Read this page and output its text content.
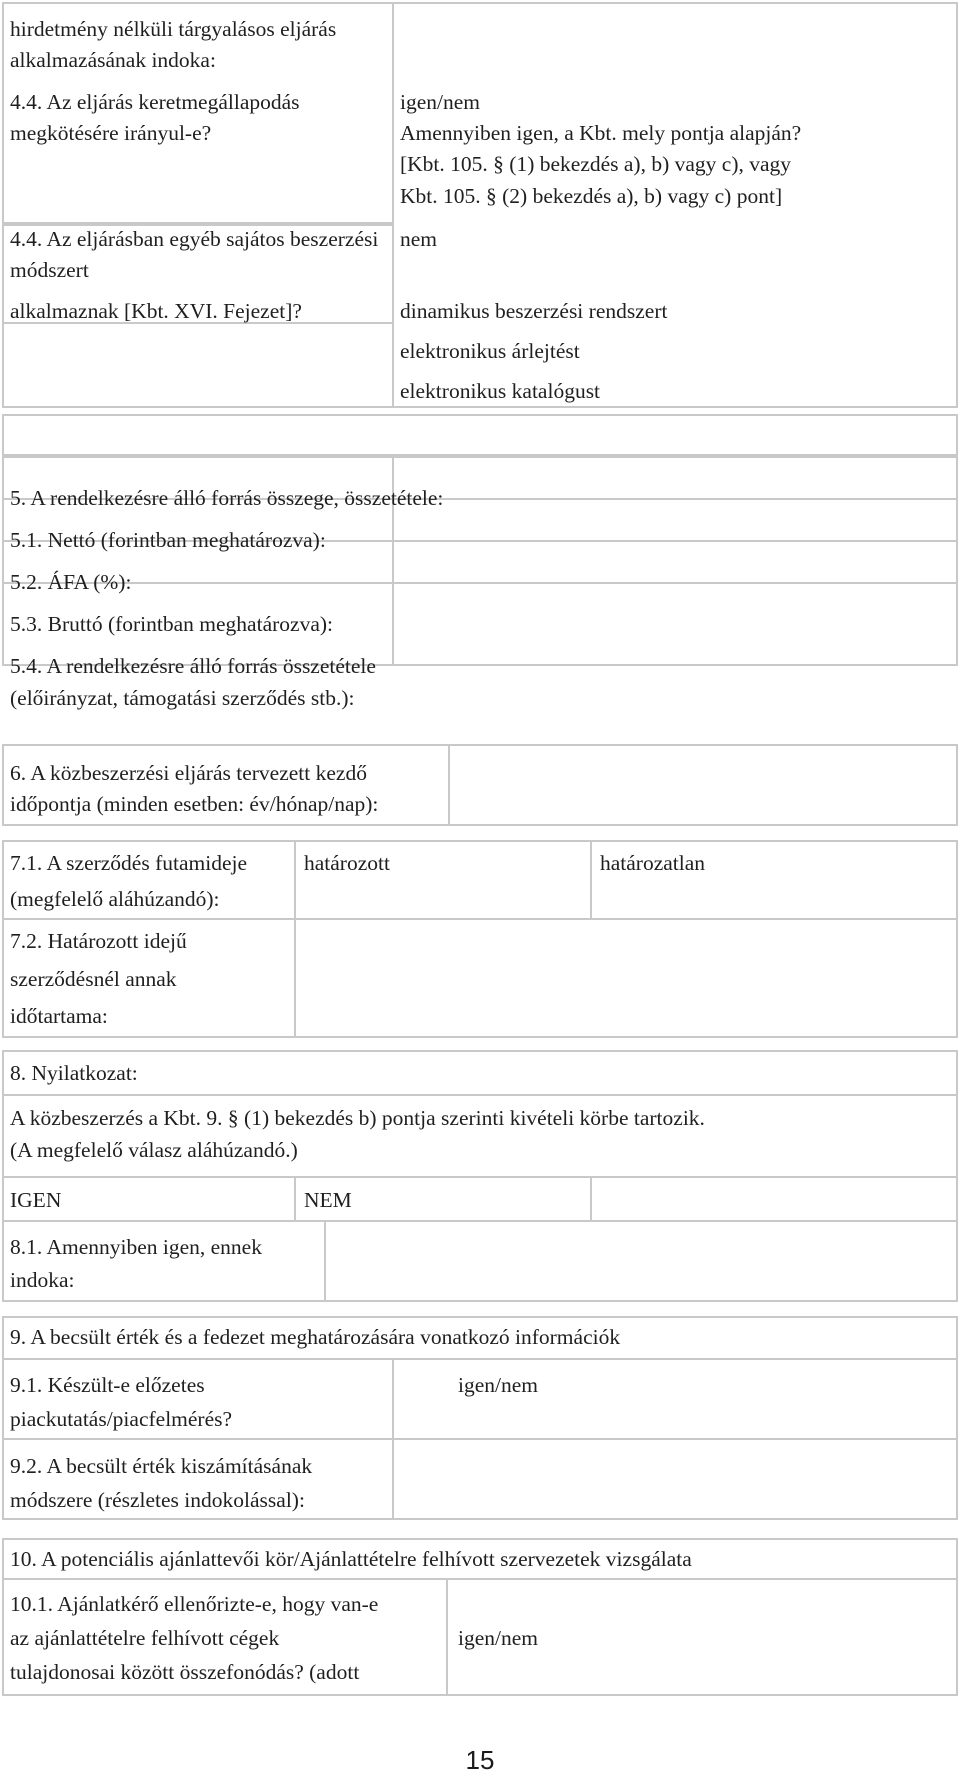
hirdetmény nélküli tárgyalásos eljárás
alkalmazásának indoka:
4.4. Az eljárás keretmegállapodás
megkötésére irányul-e?
igen/nem
Amennyiben igen, a Kbt. mely pontja alapján?
[Kbt. 105. § (1) bekezdés a), b) vagy c), vagy
Kbt. 105. § (2) bekezdés a), b) vagy c) pont]
4.4. Az eljárásban egyéb sajátos beszerzési
módszert
alkalmaznak [Kbt. XVI. Fejezet]?
nem
dinamikus beszerzési rendszert
elektronikus árlejtést
elektronikus katalógust
5. A rendelkezésre álló forrás összege, összetétele:
5.1. Nettó (forintban meghatározva):
5.2. ÁFA (%):
5.3. Bruttó (forintban meghatározva):
5.4. A rendelkezésre álló forrás összetétele
(előirányzat, támogatási szerződés stb.):
6. A közbeszerzési eljárás tervezett kezdő
időpontja (minden esetben: év/hónap/nap):
7.1. A szerződés futamideje
(megfelelő aláhúzandó):
határozott	határozatlan
7.2. Határozott idejű
szerződésnél annak
időtartama:
8. Nyilatkozat:
A közbeszerzés a Kbt. 9. § (1) bekezdés b) pontja szerinti kivételi körbe tartozik.
(A megfelelő válasz aláhúzandó.)
IGEN	NEM
8.1. Amennyiben igen, ennek
indoka:
9. A becsült érték és a fedezet meghatározására vonatkozó információk
9.1. Készült-e előzetes
piackutatás/piacfelmérés?
igen/nem
9.2. A becsült érték kiszámításának
módszere (részletes indokolással):
10. A potenciális ajánlattevői kör/Ajánlattételre felhívott szervezetek vizsgálata
10.1. Ajánlatkérő ellenőrizte-e, hogy van-e
az ajánlattételre felhívott cégek
tulajdonosai között összefonódás? (adott
igen/nem
15
